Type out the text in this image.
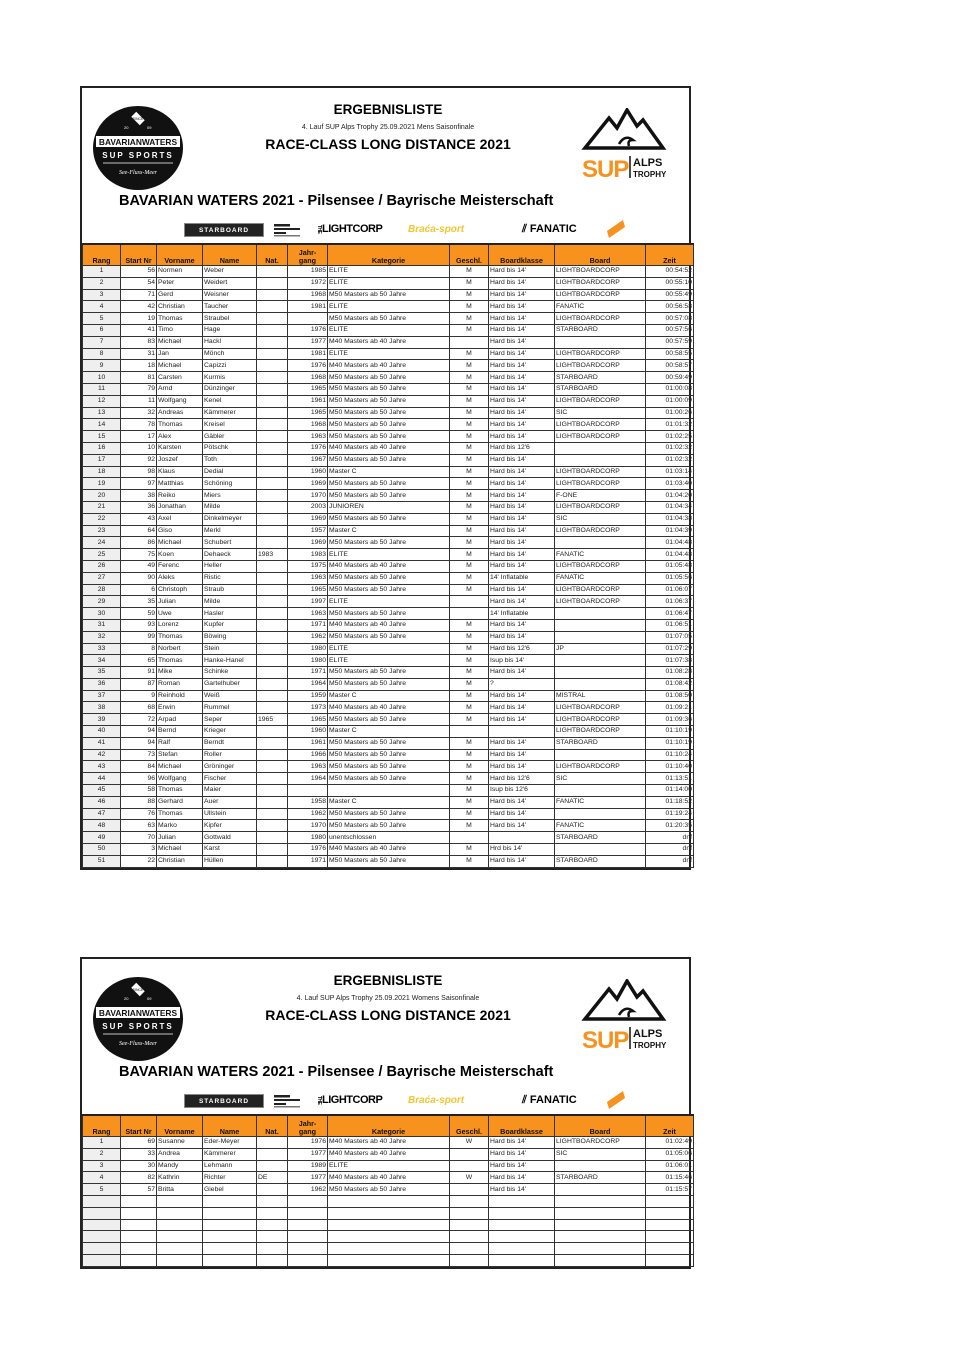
SINCE
20	09
BAVARIANWATERS
SUP SPORTS
See-Fluss-Meer
ERGEBNISLISTE
4. Lauf SUP Alps Trophy 25.09.2021 Mens Saisonfinale
RACE-CLASS LONG DISTANCE 2021
SUP ALPS
TROPHY
BAVARIAN WATERS 2021 - Pilsensee / Bayrische Meisterschaft
STARBOARD	THE LIGHTCORP	Braća-sport	⫽ FANATIC
Rang	Start Nr	Vorname	Name	Nat.	Jahr-
gang	Kategorie	Geschl.	Boardklasse	Board	Zeit
1	56	Normen	Weber		1985	ELITE	M	Hard bis 14'	LIGHTBOARDCORP	00:54:52
2	54	Peter	Weidert		1972	ELITE	M	Hard bis 14'	LIGHTBOARDCORP	00:55:10
3	71	Gerd	Weisner		1968	M50 Masters ab 50 Jahre	M	Hard bis 14'	LIGHTBOARDCORP	00:55:49
4	42	Christian	Taucher		1981	ELITE	M	Hard bis 14'	FANATIC	00:56:58
5	19	Thomas	Straubel			M50 Masters ab 50 Jahre	M	Hard bis 14'	LIGHTBOARDCORP	00:57:08
6	41	Timo	Hage		1976	ELITE	M	Hard bis 14'	STARBOARD	00:57:56
7	83	Michael	Hackl		1977	M40 Masters ab 40 Jahre		Hard bis 14'		00:57:59
8	31	Jan	Mönch		1981	ELITE	M	Hard bis 14'	LIGHTBOARDCORP	00:58:55
9	18	Michael	Capizzi		1976	M40 Masters ab 40 Jahre	M	Hard bis 14'	LIGHTBOARDCORP	00:58:57
10	81	Carsten	Kurmis		1968	M50 Masters ab 50 Jahre	M	Hard bis 14'	STARBOARD	00:59:49
11	79	Arnd	Dünzinger		1965	M50 Masters ab 50 Jahre	M	Hard bis 14'	STARBOARD	01:00:08
12	11	Wolfgang	Kenel		1961	M50 Masters ab 50 Jahre	M	Hard bis 14'	LIGHTBOARDCORP	01:00:09
13	32	Andreas	Kämmerer		1965	M50 Masters ab 50 Jahre	M	Hard bis 14'	SIC	01:00:26
14	78	Thomas	Kreisel		1968	M50 Masters ab 50 Jahre	M	Hard bis 14'	LIGHTBOARDCORP	01:01:32
15	17	Alex	Gäbler		1963	M50 Masters ab 50 Jahre	M	Hard bis 14'	LIGHTBOARDCORP	01:02:25
16	10	Karsten	Pötschk		1976	M40 Masters ab 40 Jahre	M	Hard bis 12'6		01:02:32
17	92	Joszef	Toth		1967	M50 Masters ab 50 Jahre	M	Hard bis 14'		01:02:32
18	98	Klaus	Dedial		1960	Master C	M	Hard bis 14'	LIGHTBOARDCORP	01:03:14
19	97	Matthias	Schöning		1969	M50 Masters ab 50 Jahre	M	Hard bis 14'	LIGHTBOARDCORP	01:03:40
20	38	Reiko	Miers		1970	M50 Masters ab 50 Jahre	M	Hard bis 14'	F-ONE	01:04:20
21	36	Jonathan	Milde		2003	JUNIOREN	M	Hard bis 14'	LIGHTBOARDCORP	01:04:34
22	43	Axel	Dinkelmeyer		1969	M50 Masters ab 50 Jahre	M	Hard bis 14'	SIC	01:04:38
23	64	Giso	Merkl		1957	Master C	M	Hard bis 14'	LIGHTBOARDCORP	01:04:39
24	86	Michael	Schubert		1969	M50 Masters ab 50 Jahre	M	Hard bis 14'		01:04:48
25	75	Koen	Dehaeck	1983	1983	ELITE	M	Hard bis 14'	FANATIC	01:04:48
26	49	Ferenc	Heller		1975	M40 Masters ab 40 Jahre	M	Hard bis 14'	LIGHTBOARDCORP	01:05:48
27	90	Aleks	Ristic		1963	M50 Masters ab 50 Jahre	M	14' Inflatable	FANATIC	01:05:56
28	6	Christoph	Straub		1965	M50 Masters ab 50 Jahre	M	Hard bis 14'	LIGHTBOARDCORP	01:06:07
29	35	Julian	Milde		1997	ELITE		Hard bis 14'	LIGHTBOARDCORP	01:06:37
30	59	Uwe	Hasler		1963	M50 Masters ab 50 Jahre		14' Inflatable		01:06:47
31	93	Lorenz	Kupfer		1971	M40 Masters ab 40 Jahre	M	Hard bis 14'		01:06:51
32	99	Thomas	Böwing		1962	M50 Masters ab 50 Jahre	M	Hard bis 14'		01:07:05
33	8	Norbert	Stein		1980	ELITE	M	Hard bis 12'6	JP	01:07:29
34	65	Thomas	Hanke-Hanel		1980	ELITE	M	Isup bis 14'		01:07:38
35	91	Mike	Schinke		1971	M50 Masters ab 50 Jahre	M	Hard bis 14'		01:08:28
36	87	Roman	Gartelhuber		1964	M50 Masters ab 50 Jahre	M	?		01:08:42
37	9	Reinhold	Weiß		1959	Master C	M	Hard bis 14'	MISTRAL	01:08:50
38	68	Erwin	Rummel		1973	M40 Masters ab 40 Jahre	M	Hard bis 14'	LIGHTBOARDCORP	01:09:21
39	72	Arpad	Seper	1965	1965	M50 Masters ab 50 Jahre	M	Hard bis 14'	LIGHTBOARDCORP	01:09:36
40	94	Bernd	Krieger		1960	Master C			LIGHTBOARDCORP	01:10:19
41	94	Ralf	Berndt		1961	M50 Masters ab 50 Jahre	M	Hard bis 14'	STARBOARD	01:10:19
42	73	Stefan	Roller		1966	M50 Masters ab 50 Jahre	M	Hard bis 14'		01:10:24
43	84	Michael	Gröninger		1963	M50 Masters ab 50 Jahre	M	Hard bis 14'	LIGHTBOARDCORP	01:10:40
44	96	Wolfgang	Fischer		1964	M50 Masters ab 50 Jahre	M	Hard bis 12'6	SIC	01:13:51
45	58	Thomas	Maier				M	Isup bis 12'6		01:14:00
46	88	Gerhard	Auer		1958	Master C	M	Hard bis 14'	FANATIC	01:18:52
47	76	Thomas	Ullstein		1962	M50 Masters ab 50 Jahre	M	Hard bis 14'		01:19:24
48	63	Marko	Kipfer		1970	M50 Masters ab 50 Jahre	M	Hard bis 14'	FANATIC	01:20:35
49	70	Julian	Gottwald		1980	unentschlossen			STARBOARD	dnf
50	3	Michael	Karst		1976	M40 Masters ab 40 Jahre	M	Hrd bis 14'		dnf
51	22	Christian	Hüllen		1971	M50 Masters ab 50 Jahre	M	Hard bis 14'	STARBOARD	dnf
SINCE
20	09
BAVARIANWATERS
SUP SPORTS
See-Fluss-Meer
ERGEBNISLISTE
4. Lauf SUP Alps Trophy 25.09.2021 Womens Saisonfinale
RACE-CLASS LONG DISTANCE 2021
SUP ALPS
TROPHY
BAVARIAN WATERS 2021 - Pilsensee / Bayrische Meisterschaft
STARBOARD	THE LIGHTCORP	Braća-sport	⫽ FANATIC
Rang	Start Nr	Vorname	Name	Nat.	Jahr-
gang	Kategorie	Geschl.	Boardklasse	Board	Zeit
1	69	Susanne	Eder-Meyer		1976	M40 Masters ab 40 Jahre	W	Hard bis 14'	LIGHTBOARDCORP	01:02:49
2	33	Andrea	Kämmerer		1977	M40 Masters ab 40 Jahre		Hard bis 14'	SIC	01:05:06
3	30	Mandy	Lehmann		1989	ELITE		Hard bis 14'		01:06:01
4	82	Kathrin	Richter	DE	1977	M40 Masters ab 40 Jahre	W	Hard bis 14'	STARBOARD	01:15:46
5	57	Britta	Giebel		1962	M50 Masters ab 50 Jahre		Hard bis 14'		01:15:57
